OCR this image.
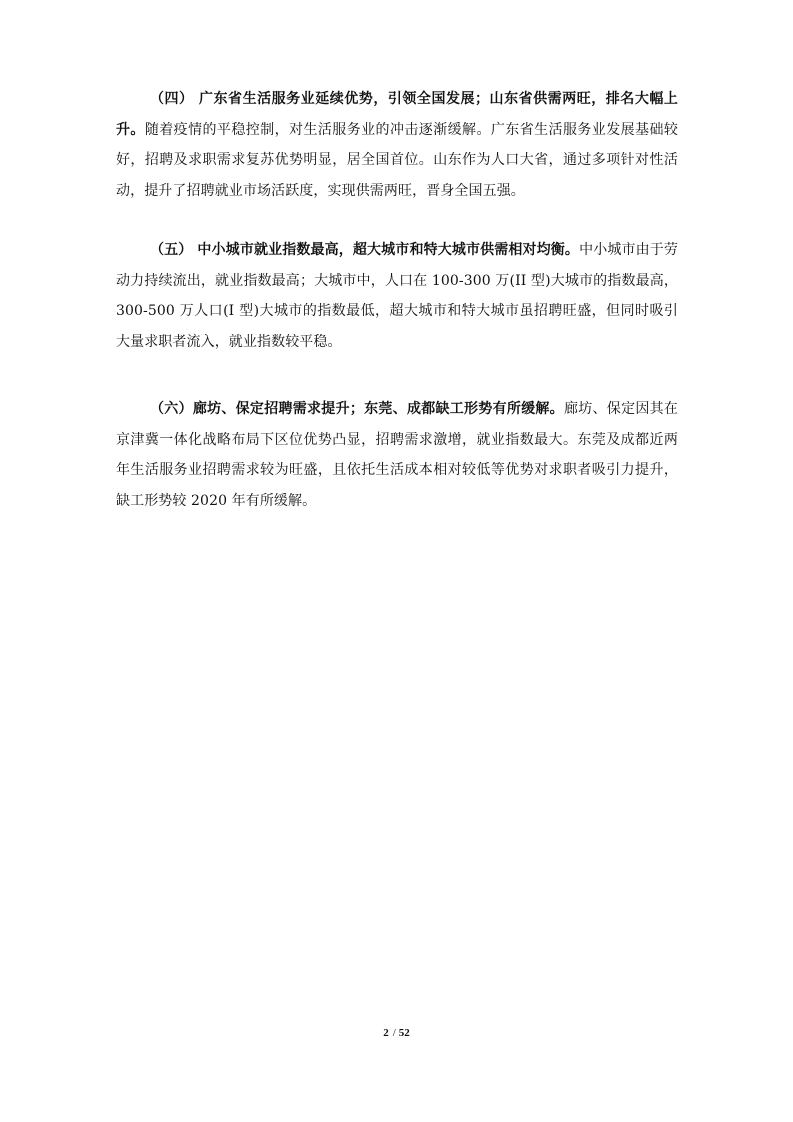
（四） 广东省生活服务业延续优势，引领全国发展；山东省供需两旺，排名大幅上升。随着疫情的平稳控制，对生活服务业的冲击逐渐缓解。广东省生活服务业发展基础较好，招聘及求职需求复苏优势明显，居全国首位。山东作为人口大省，通过多项针对性活动，提升了招聘就业市场活跃度，实现供需两旺，晋身全国五强。

（五） 中小城市就业指数最高，超大城市和特大城市供需相对均衡。中小城市由于劳动力持续流出，就业指数最高；大城市中，人口在 100-300 万(II 型)大城市的指数最高，300-500 万人口(I 型)大城市的指数最低，超大城市和特大城市虽招聘旺盛，但同时吸引大量求职者流入，就业指数较平稳。

（六）廊坊、保定招聘需求提升；东莞、成都缺工形势有所缓解。廊坊、保定因其在京津冀一体化战略布局下区位优势凸显，招聘需求激增，就业指数最大。东莞及成都近两年生活服务业招聘需求较为旺盛，且依托生活成本相对较低等优势对求职者吸引力提升，缺工形势较 2020 年有所缓解。

2 / 52
